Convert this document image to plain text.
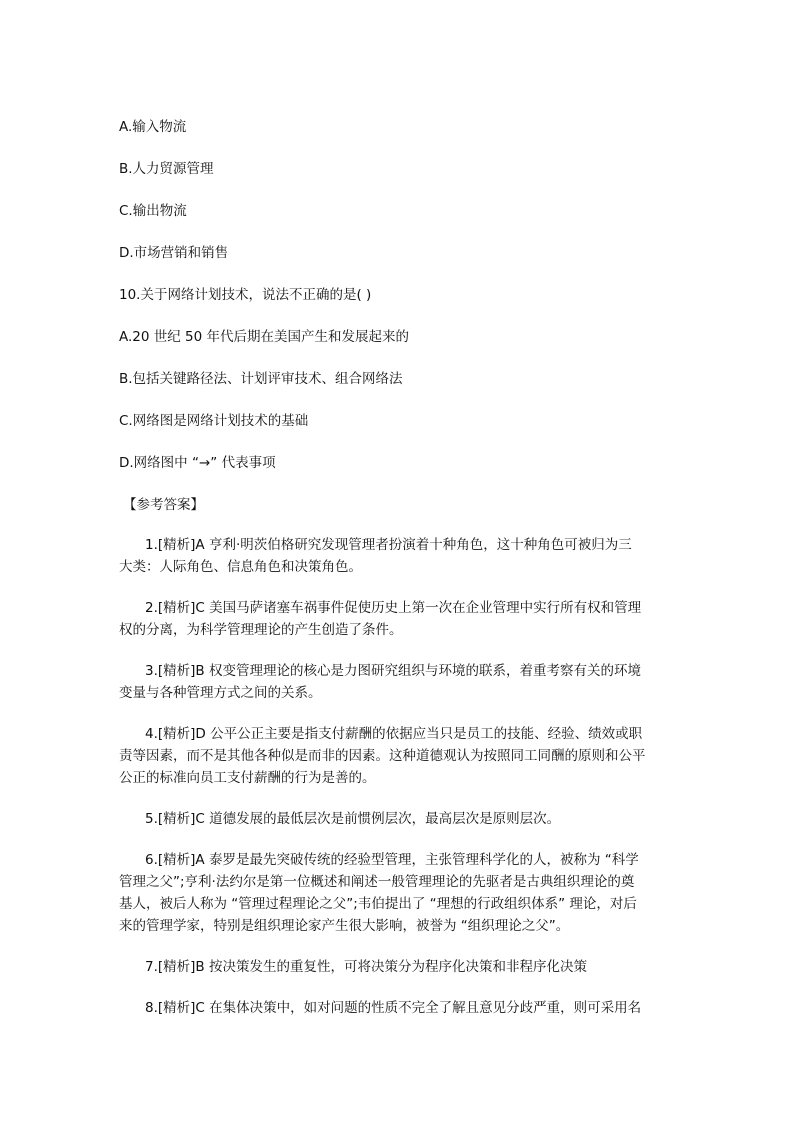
A.输入物流
B.人力贸源管理
C.输出物流
D.市场营销和销售
10.关于网络计划技术，说法不正确的是( )
A.20 世纪 50 年代后期在美国产生和发展起来的
B.包括关键路径法、计划评审技术、组合网络法
C.网络图是网络计划技术的基础
D.网络图中 “→” 代表事项
【参考答案】
1.[精析]A 亨利·明茨伯格研究发现管理者扮演着十种角色，这十种角色可被归为三
大类：人际角色、信息角色和决策角色。
2.[精析]C 美国马萨诸塞车祸事件促使历史上第一次在企业管理中实行所有权和管理
权的分离，为科学管理理论的产生创造了条件。
3.[精析]B 权变管理理论的核心是力图研究组织与环境的联系，着重考察有关的环境
变量与各种管理方式之间的关系。
4.[精析]D 公平公正主要是指支付薪酬的依据应当只是员工的技能、经验、绩效或职
责等因素，而不是其他各种似是而非的因素。这种道德观认为按照同工同酬的原则和公平
公正的标准向员工支付薪酬的行为是善的。
5.[精析]C 道德发展的最低层次是前惯例层次，最高层次是原则层次。
6.[精析]A 泰罗是最先突破传统的经验型管理，主张管理科学化的人，被称为 “科学
管理之父”;亨利·法约尔是第一位概述和阐述一般管理理论的先驱者是古典组织理论的奠
基人，被后人称为 “管理过程理论之父”;韦伯提出了 “理想的行政组织体系” 理论，对后
来的管理学家，特别是组织理论家产生很大影响，被誉为 “组织理论之父”。
7.[精析]B 按决策发生的重复性，可将决策分为程序化决策和非程序化决策
8.[精析]C 在集体决策中，如对问题的性质不完全了解且意见分歧严重，则可采用名
